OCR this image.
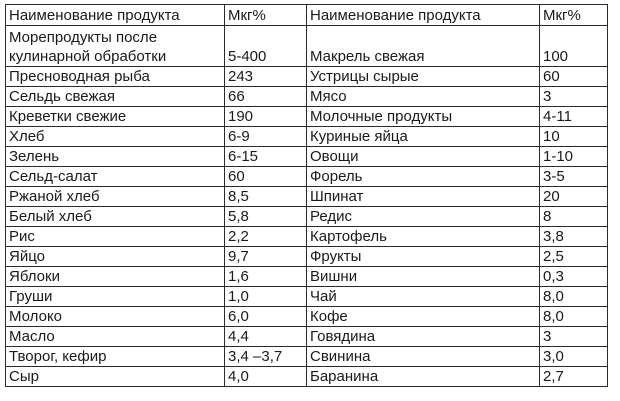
Наименование продукта	Мкг%	Наименование продукта	Мкг%

Морепродукты после
кулинарной обработки	5-400	Макрель свежая	100
Пресноводная рыба	243	Устрицы сырые	60
Сельдь свежая	66	Мясо	3
Креветки свежие	190	Молочные продукты	4-11
Хлеб	6-9	Куриные яйца	10
Зелень	6-15	Овощи	1-10
Сельд-салат	60	Форель	3-5
Ржаной хлеб	8,5	Шпинат	20
Белый хлеб	5,8	Редис	8
Рис	2,2	Картофель	3,8
Яйцо	9,7	Фрукты	2,5
Яблоки	1,6	Вишни	0,3
Груши	1,0	Чай	8,0
Молоко	6,0	Кофе	8,0
Масло	4,4	Говядина	3
Творог, кефир	3,4 –3,7	Свинина	3,0
Сыр	4,0	Баранина	2,7
